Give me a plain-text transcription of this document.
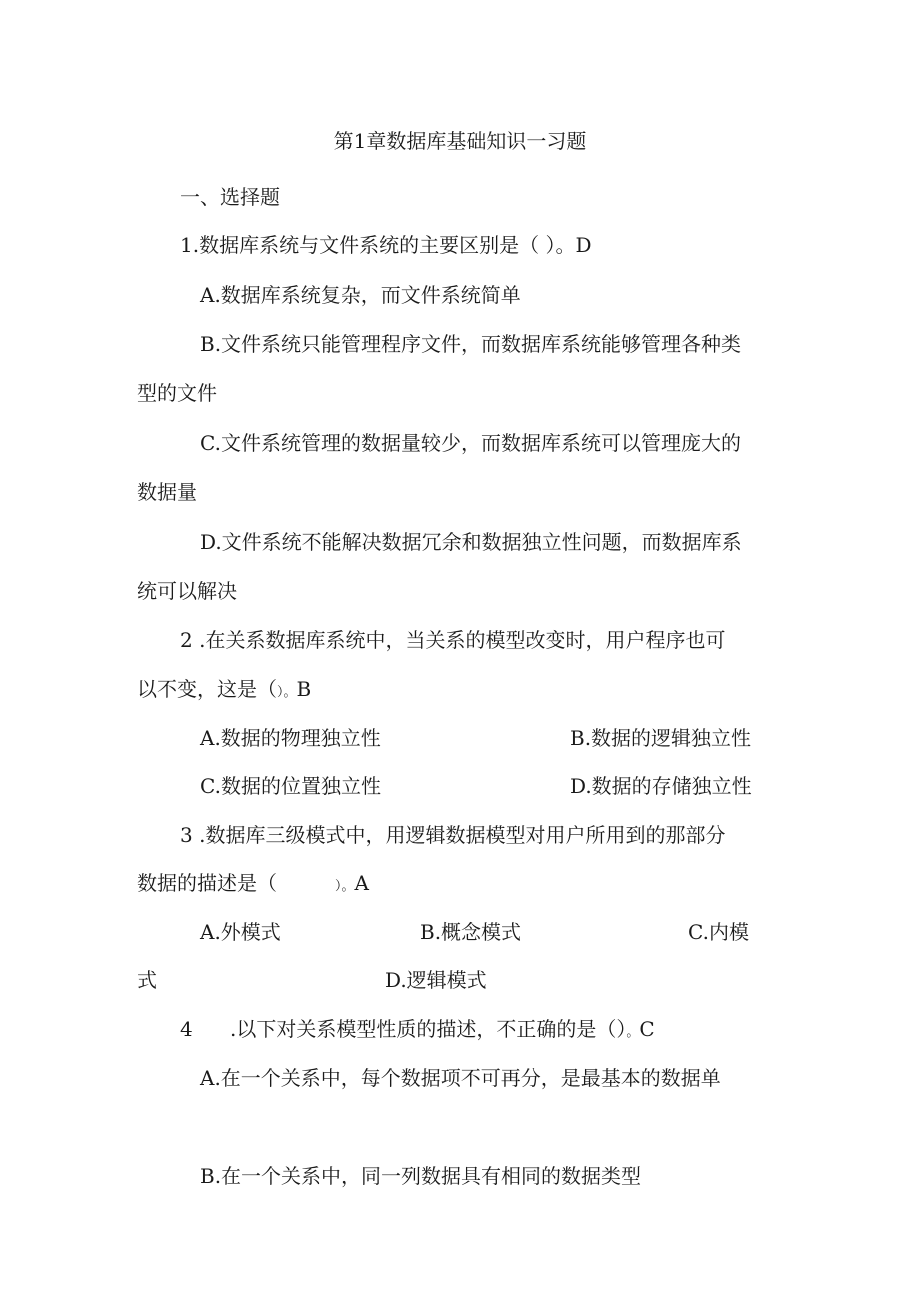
第1章数据库基础知识一习题
一、选择题
1.数据库系统与文件系统的主要区别是（ ）。D
A.数据库系统复杂，而文件系统简单
B.文件系统只能管理程序文件，而数据库系统能够管理各种类
型的文件
C.文件系统管理的数据量较少，而数据库系统可以管理庞大的
数据量
D.文件系统不能解决数据冗余和数据独立性问题，而数据库系
统可以解决
2 .在关系数据库系统中，当关系的模型改变时，用户程序也可
以不变，这是（）。B
A.数据的物理独立性	B.数据的逻辑独立性
C.数据的位置独立性	D.数据的存储独立性
3 .数据库三级模式中，用逻辑数据模型对用户所用到的那部分
数据的描述是（	）。A
A.外模式	B.概念模式	C.内模
式	D.逻辑模式
4 .以下对关系模型性质的描述，不正确的是（）。C
A.在一个关系中，每个数据项不可再分，是最基本的数据单
B.在一个关系中，同一列数据具有相同的数据类型
